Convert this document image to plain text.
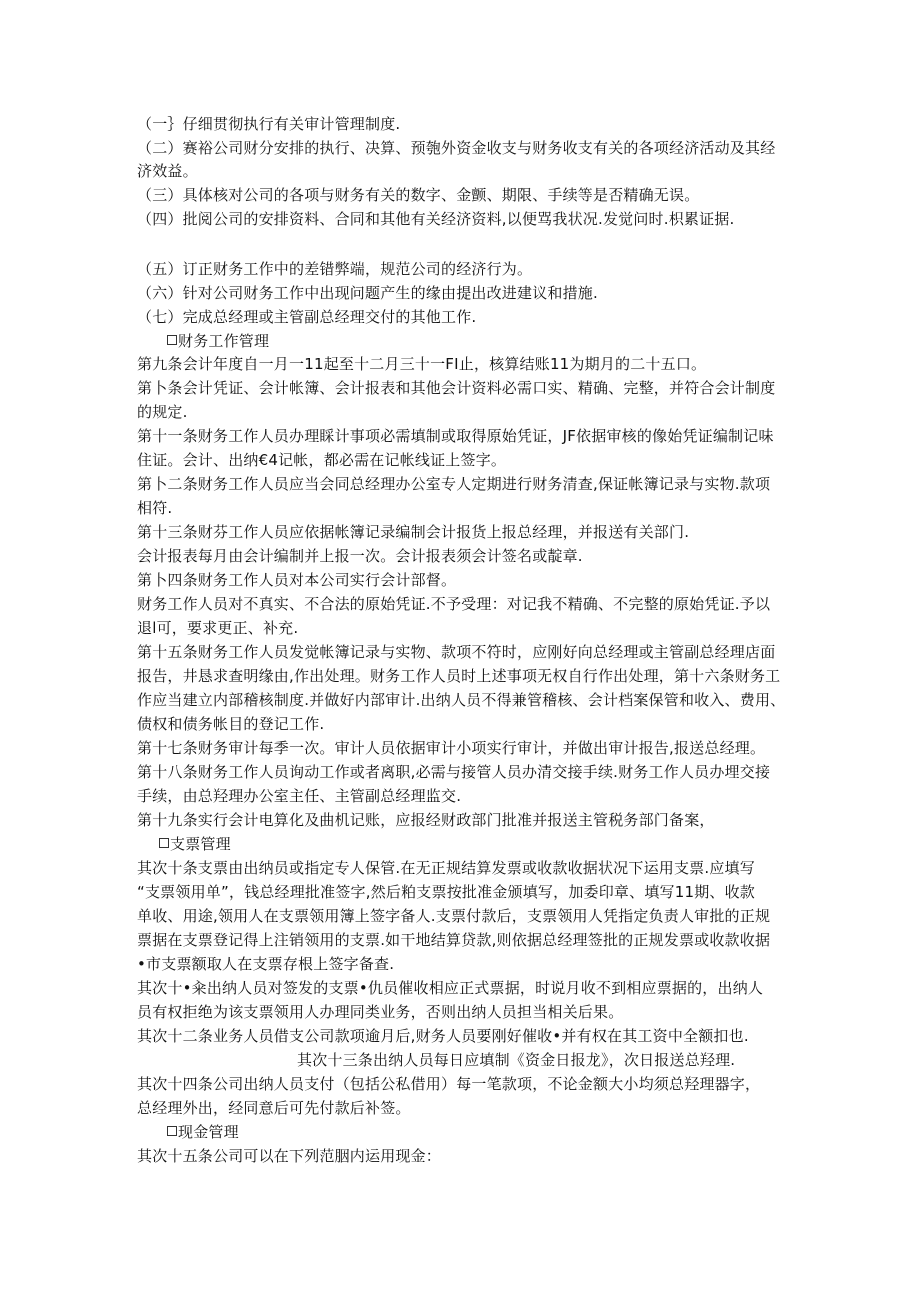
（一｝仔细贯彻执行有关审计管理制度.
（二）赛裕公司财分安排的执行、决算、预匏外资金收支与财务收支有关的各项经济活动及其经
济效益。
（三）具体核对公司的各项与财务有关的数字、金颤、期限、手续等是否精确无误。
（四）批阅公司的安排资料、合同和其他有关经济资料,以便骂我状况.发觉问时.枳累证据.
（五）订正财务工作中的差错弊端，规范公司的经济行为。
（六）针对公司财务工作中出现问题产生的缘由提出改进建议和措施.
（七）完成总经理或主管副总经理交付的其他工作.
财务工作管理
第九条会计年度自一月一11起至十二月三十一FI止，核算结账11为期月的二十五口。
第卜条会计凭证、会计帐簿、会计报表和其他会计资料必需口实、精确、完整，并符合会计制度
的规定.
第十一条财务工作人员办理睬计事项必需填制或取得原始凭证，JF依据审核的像始凭证编制记味
住证。会计、出纳€4记帐，都必需在记帐线证上签字。
第卜二条财务工作人员应当会同总经理办公室专人定期进行财务清查,保证帐簿记录与实物.款项
相符.
第十三条财芬工作人员应依据帐簿记录编制会计报货上报总经理，并报送有关部门.
会计报表每月由会计编制并上报一次。会计报表须会计签名或靛章.
第卜四条财务工作人员对本公司实行会计部督。
财务工作人员对不真实、不合法的原始凭证.不予受理：对记我不精确、不完整的原始凭证.予以
退l可，要求更正、补充.
第十五条财务工作人员发觉帐簿记录与实物、款项不符时，应刚好向总经理或主管副总经理店面
报告，井恳求查明缘由,作出处理。财务工作人员时上述事项无权自行作出处理，第十六条财务工
作应当建立内部稽核制度.并做好内部审计.出纳人员不得兼管稽核、会计档案保管和收入、费用、
债权和债务帐目的登记工作.
第十七条财务审计每季一次。审计人员依据审计小项实行审计，并做出审计报告,报送总经理。
第十八条财务工作人员询动工作或者离职,必需与接管人员办清交接手续.财务工作人员办埋交接
手续，由总羟理办公室主任、主管副总经理监交.
第十九条实行会计电算化及曲机记账，应报经财政部门批准并报送主管税务部门备案，
支票管理
其次十条支票由出纳员或指定专人保管.在无正规结算发票或收款收据状况下运用支票.应填写
“支票领用单”，钱总经理批准签字,然后粕支票按批准金颁填写，加委印章、填写11期、收款
单收、用途,领用人在支票领用簿上签字备人.支票付款后，支票领用人凭指定负责人审批的正规
票据在支票登记得上注销领用的支票.如干地结算贷款,则依据总经理签批的正规发票或收款收据
•市支票额取人在支票存根上签字备查.
其次十•籴出纳人员对签发的支票•仇员催收相应正式票据，时说月收不到相应票据的，出纳人
员有权拒绝为该支票领用人办理同类业务，否则出纳人员担当相关后果。
其次十二条业务人员借支公司款项逾月后,财务人员要刚好催收•并有权在其工资中全额扣也.
其次十三条出纳人员每日应填制《资金日报龙》，次日报送总羟理.
其次十四条公司出纳人员支付（包括公私借用）每一笔款项，不论金额大小均须总羟理器字，
总经理外出，经同意后可先付款后补签。
现金管理
其次十五条公司可以在下列范胭内运用现金：
